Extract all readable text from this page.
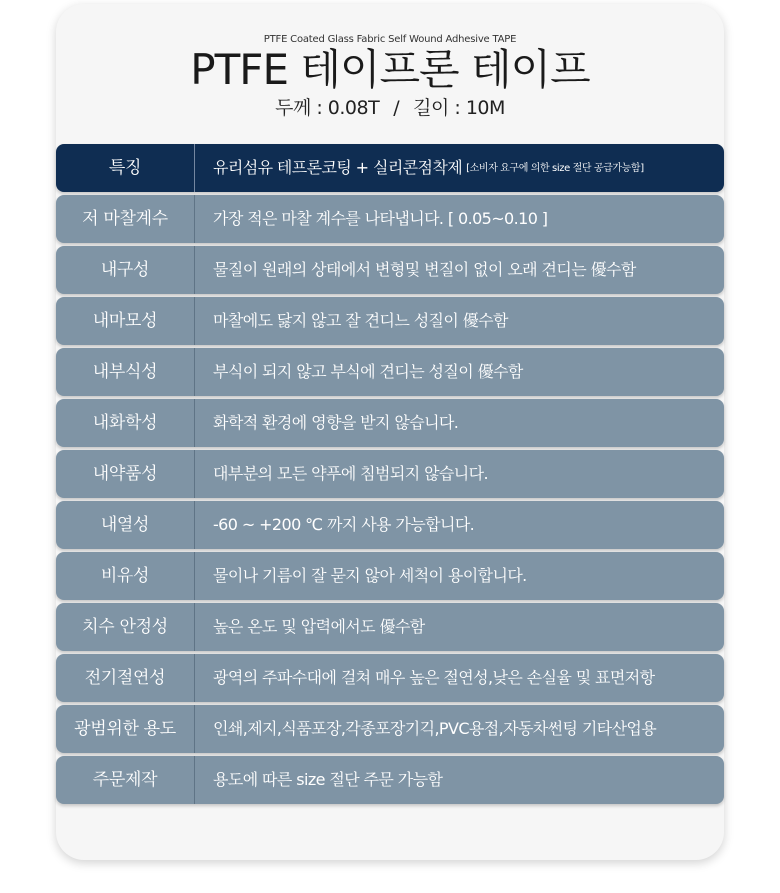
PTFE Coated Glass Fabric Self Wound Adhesive TAPE
PTFE 테이프론 테이프
두께 : 0.08T / 길이 : 10M
특징	유리섬유 테프론코팅 + 실리콘점착제 [소비자 요구에 의한 size 절단 공급가능함]
저 마찰계수	가장 적은 마찰 계수를 나타냅니다. [ 0.05~0.10 ]
내구성	물질이 원래의 상태에서 변형및 변질이 없이 오래 견디는 優수함
내마모성	마찰에도 닳지 않고 잘 견디느 성질이 優수함
내부식성	부식이 되지 않고 부식에 견디는 성질이 優수함
내화학성	화학적 환경에 영향을 받지 않습니다.
내약품성	대부분의 모든 약푸에 침범되지 않습니다.
내열성	-60 ~ +200 ℃ 까지 사용 가능합니다.
비유성	물이나 기름이 잘 묻지 않아 세척이 용이합니다.
치수 안정성	높은 온도 및 압력에서도 優수함
전기절연성	광역의 주파수대에 걸쳐 매우 높은 절연성,낮은 손실율 및 표면저항
광범위한 용도	인쇄,제지,식품포장,각종포장기긱,PVC용접,자동차썬팅 기타산업용
주문제작	용도에 따른 size 절단 주문 가능함
